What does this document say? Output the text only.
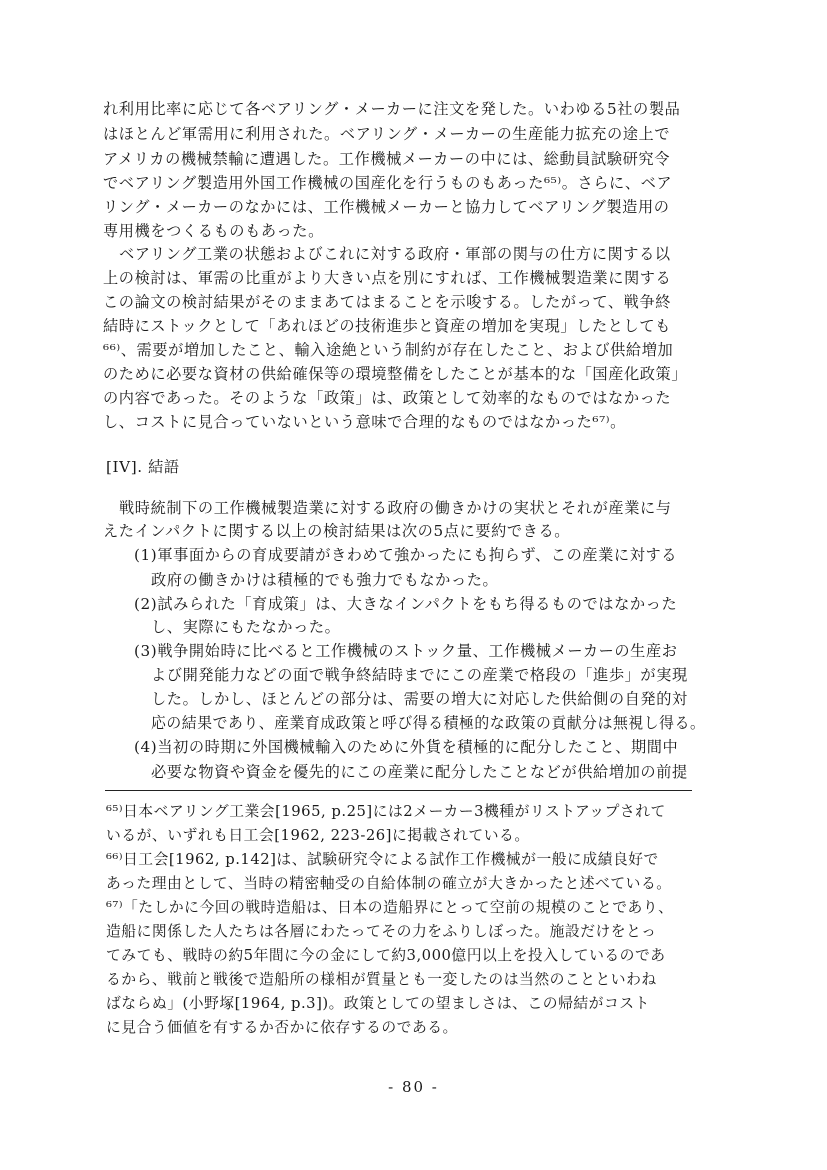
れ利用比率に応じて各ベアリング・メーカーに注文を発した。いわゆる5社の製品
はほとんど軍需用に利用された。ベアリング・メーカーの生産能力拡充の途上で
アメリカの機械禁輸に遭遇した。工作機械メーカーの中には、総動員試験研究令
でベアリング製造用外国工作機械の国産化を行うものもあった⁶⁵⁾。さらに、ベア
リング・メーカーのなかには、工作機械メーカーと協力してベアリング製造用の
専用機をつくるものもあった。
ベアリング工業の状態およびこれに対する政府・軍部の関与の仕方に関する以
上の検討は、軍需の比重がより大きい点を別にすれば、工作機械製造業に関する
この論文の検討結果がそのままあてはまることを示唆する。したがって、戦争終
結時にストックとして「あれほどの技術進歩と資産の増加を実現」したとしても
⁶⁶⁾、需要が増加したこと、輸入途絶という制約が存在したこと、および供給増加
のために必要な資材の供給確保等の環境整備をしたことが基本的な「国産化政策」
の内容であった。そのような「政策」は、政策として効率的なものではなかった
し、コストに見合っていないという意味で合理的なものではなかった⁶⁷⁾。
[IV]. 結語
戦時統制下の工作機械製造業に対する政府の働きかけの実状とそれが産業に与
えたインパクトに関する以上の検討結果は次の5点に要約できる。
(1)軍事面からの育成要請がきわめて強かったにも拘らず、この産業に対する
政府の働きかけは積極的でも強力でもなかった。
(2)試みられた「育成策」は、大きなインパクトをもち得るものではなかった
し、実際にもたなかった。
(3)戦争開始時に比べると工作機械のストック量、工作機械メーカーの生産お
よび開発能力などの面で戦争終結時までにこの産業で格段の「進歩」が実現
した。しかし、ほとんどの部分は、需要の増大に対応した供給側の自発的対
応の結果であり、産業育成政策と呼び得る積極的な政策の貢献分は無視し得る。
(4)当初の時期に外国機械輸入のために外貨を積極的に配分したこと、期間中
必要な物資や資金を優先的にこの産業に配分したことなどが供給増加の前提
⁶⁵⁾日本ベアリング工業会[1965, p.25]には2メーカー3機種がリストアップされて
いるが、いずれも日工会[1962, 223-26]に掲載されている。
⁶⁶⁾日工会[1962, p.142]は、試験研究令による試作工作機械が一般に成績良好で
あった理由として、当時の精密軸受の自給体制の確立が大きかったと述べている。
⁶⁷⁾「たしかに今回の戦時造船は、日本の造船界にとって空前の規模のことであり、
造船に関係した人たちは各層にわたってその力をふりしぼった。施設だけをとっ
てみても、戦時の約5年間に今の金にして約3,000億円以上を投入しているのであ
るから、戦前と戦後で造船所の様相が質量とも一変したのは当然のことといわね
ばならぬ」(小野塚[1964, p.3])。政策としての望ましさは、この帰結がコスト
に見合う価値を有するか否かに依存するのである。
- 80 -
